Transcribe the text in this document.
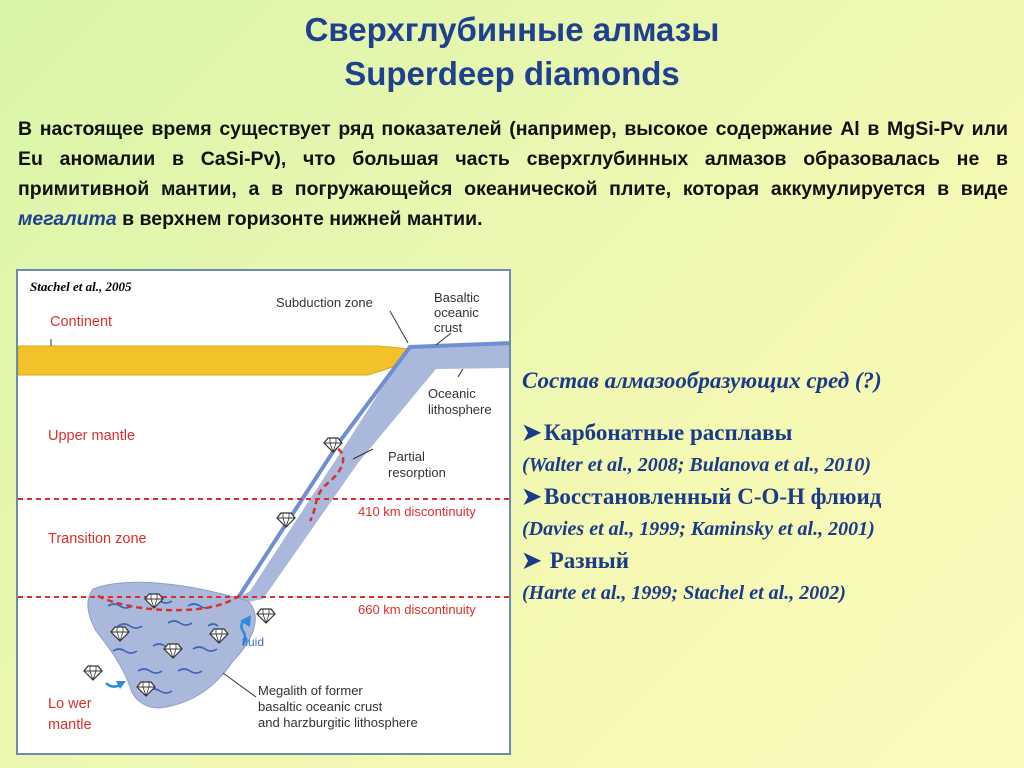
Сверхглубинные алмазы
Superdeep diamonds
В настоящее время существует ряд показателей (например, высокое содержание Al в MgSi-Pv или Eu аномалии в CaSi-Pv), что большая часть сверхглубинных алмазов образовалась не в примитивной мантии, а в погружающейся океанической плите, которая аккумулируется в виде мегалита в верхнем горизонте нижней мантии.
Stachel et al., 2005
Continent
Upper mantle
Transition zone
Lo wer
mantle
Subduction zone	Basaltic
oceanic
crust
Oceanic
lithosphere
Partial
resorption
410 km discontinuity
660 km discontinuity
fluid
Megalith of former
basaltic oceanic crust
and harzburgitic lithosphere
Состав алмазообразующих сред (?)
➤ Карбонатные расплавы
(Walter et al., 2008; Bulanova et al., 2010)
➤ Восстановленный С-О-Н флюид
(Davies et al., 1999; Kaminsky et al., 2001)
➤ Разный
(Harte et al., 1999; Stachel et al., 2002)
